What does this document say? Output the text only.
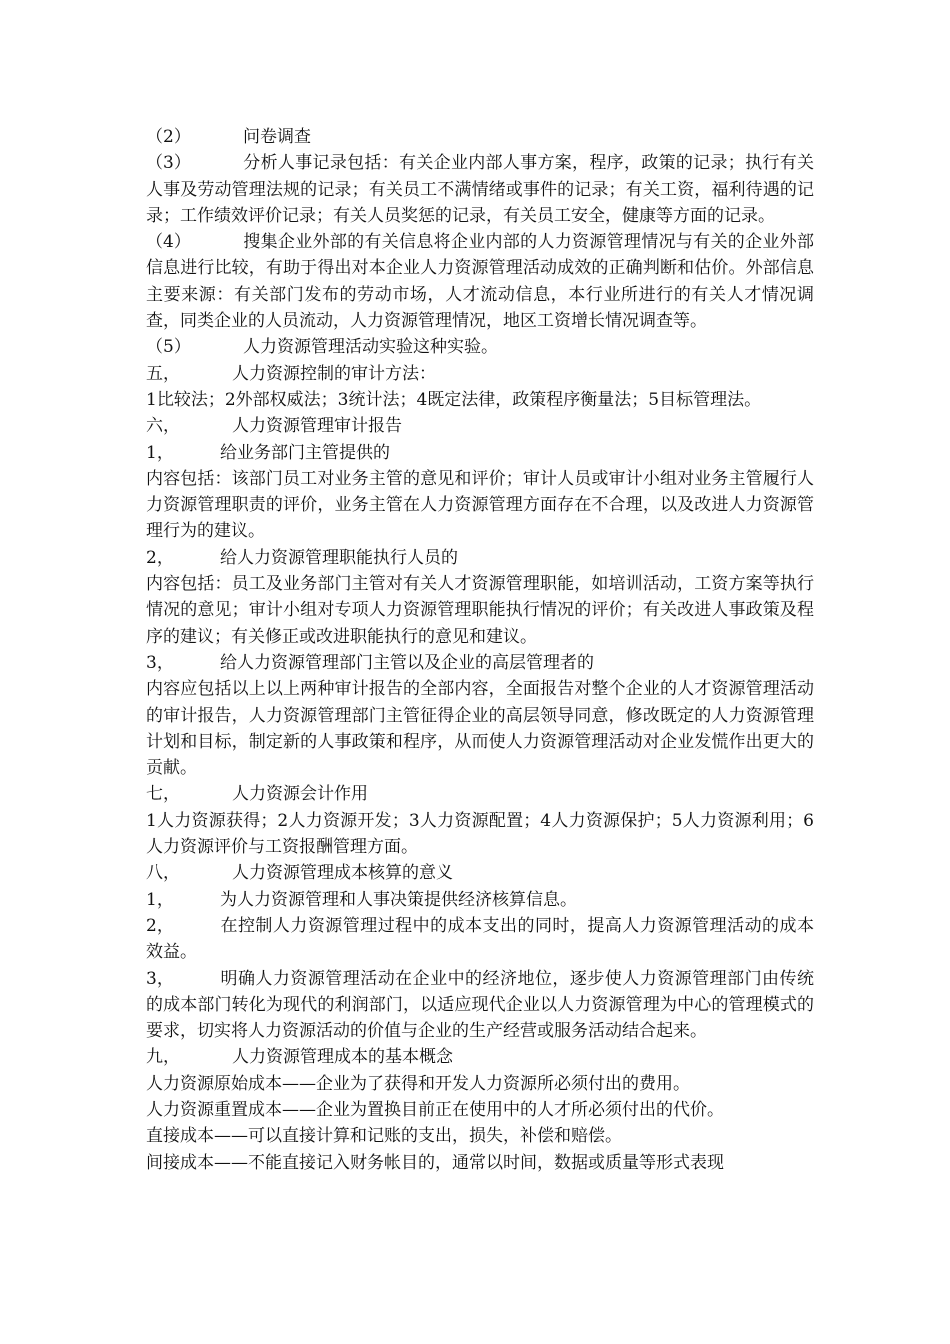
（2）	问卷调查
（3）	分析人事记录包括：有关企业内部人事方案，程序，政策的记录；执行有关人事及劳动管理法规的记录；有关员工不满情绪或事件的记录；有关工资，福利待遇的记录；工作绩效评价记录；有关人员奖惩的记录，有关员工安全，健康等方面的记录。
（4）	搜集企业外部的有关信息将企业内部的人力资源管理情况与有关的企业外部信息进行比较，有助于得出对本企业人力资源管理活动成效的正确判断和估价。外部信息主要来源：有关部门发布的劳动市场，人才流动信息，本行业所进行的有关人才情况调查，同类企业的人员流动，人力资源管理情况，地区工资增长情况调查等。
（5）	人力资源管理活动实验这种实验。
五，	人力资源控制的审计方法：
1比较法；2外部权威法；3统计法；4既定法律，政策程序衡量法；5目标管理法。
六，	人力资源管理审计报告
1，	给业务部门主管提供的
内容包括：该部门员工对业务主管的意见和评价；审计人员或审计小组对业务主管履行人力资源管理职责的评价，业务主管在人力资源管理方面存在不合理，以及改进人力资源管理行为的建议。
2，	给人力资源管理职能执行人员的
内容包括：员工及业务部门主管对有关人才资源管理职能，如培训活动，工资方案等执行情况的意见；审计小组对专项人力资源管理职能执行情况的评价；有关改进人事政策及程序的建议；有关修正或改进职能执行的意见和建议。
3，	给人力资源管理部门主管以及企业的高层管理者的
内容应包括以上以上两种审计报告的全部内容，全面报告对整个企业的人才资源管理活动的审计报告，人力资源管理部门主管征得企业的高层领导同意，修改既定的人力资源管理计划和目标，制定新的人事政策和程序，从而使人力资源管理活动对企业发慌作出更大的贡献。
七，	人力资源会计作用
1人力资源获得；2人力资源开发；3人力资源配置；4人力资源保护；5人力资源利用；6人力资源评价与工资报酬管理方面。
八，	人力资源管理成本核算的意义
1，	为人力资源管理和人事决策提供经济核算信息。
2，	在控制人力资源管理过程中的成本支出的同时，提高人力资源管理活动的成本效益。
3，	明确人力资源管理活动在企业中的经济地位，逐步使人力资源管理部门由传统的成本部门转化为现代的利润部门，以适应现代企业以人力资源管理为中心的管理模式的要求，切实将人力资源活动的价值与企业的生产经营或服务活动结合起来。
九，	人力资源管理成本的基本概念
人力资源原始成本——企业为了获得和开发人力资源所必须付出的费用。
人力资源重置成本——企业为置换目前正在使用中的人才所必须付出的代价。
直接成本——可以直接计算和记账的支出，损失，补偿和赔偿。
间接成本——不能直接记入财务帐目的，通常以时间，数据或质量等形式表现
